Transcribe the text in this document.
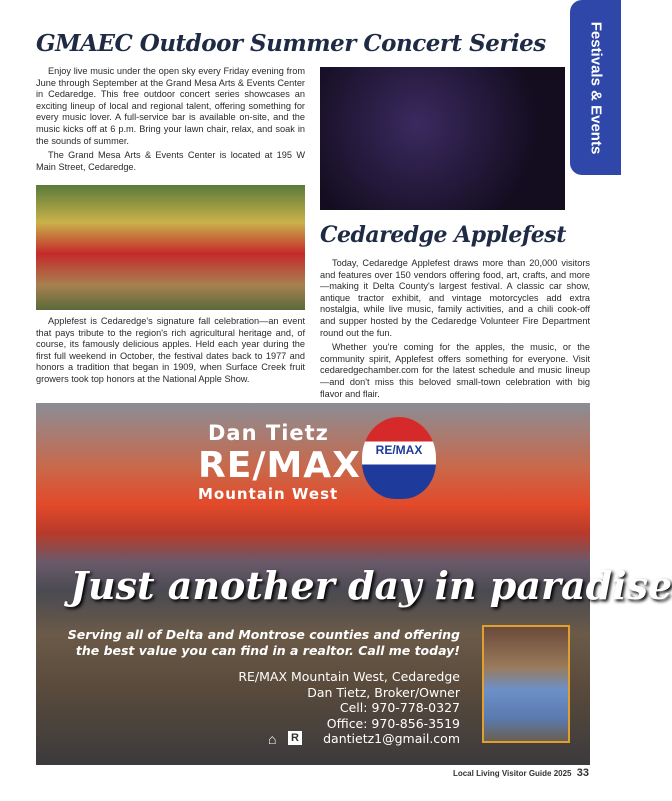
Festivals & Events
GMAEC Outdoor Summer Concert Series

Enjoy live music under the open sky every Friday evening from June through September at the Grand Mesa Arts & Events Center in Cedaredge. This free outdoor concert series showcases an exciting lineup of local and regional talent, offering something for every music lover. A full-service bar is available on-site, and the music kicks off at 6 p.m. Bring your lawn chair, relax, and soak in the sounds of summer.

The Grand Mesa Arts & Events Center is located at 195 W Main Street, Cedaredge.

Cedaredge Applefest

Today, Cedaredge Applefest draws more than 20,000 visitors and features over 150 vendors offering food, art, crafts, and more—making it Delta County's largest festival. A classic car show, antique tractor exhibit, and vintage motorcycles add extra nostalgia, while live music, family activities, and a chili cook-off and supper hosted by the Cedaredge Volunteer Fire Department round out the fun.

Whether you're coming for the apples, the music, or the community spirit, Applefest offers something for everyone. Visit cedaredgechamber.com for the latest schedule and music lineup—and don't miss this beloved small-town celebration with big flavor and flair.

Applefest is Cedaredge's signature fall celebration—an event that pays tribute to the region's rich agricultural heritage and, of course, its famously delicious apples. Held each year during the first full weekend in October, the festival dates back to 1977 and honors a tradition that began in 1909, when Surface Creek fruit growers took top honors at the National Apple Show.

Dan Tietz
RE/MAX
Mountain West
RE/MAX
Just another day in paradise
Serving all of Delta and Montrose counties and offering
the best value you can find in a realtor. Call me today!
RE/MAX Mountain West, Cedaredge
Dan Tietz, Broker/Owner
Cell: 970-778-0327
Office: 970-856-3519
dantietz1@gmail.com
⌂ R
Local Living Visitor Guide 2025 33
